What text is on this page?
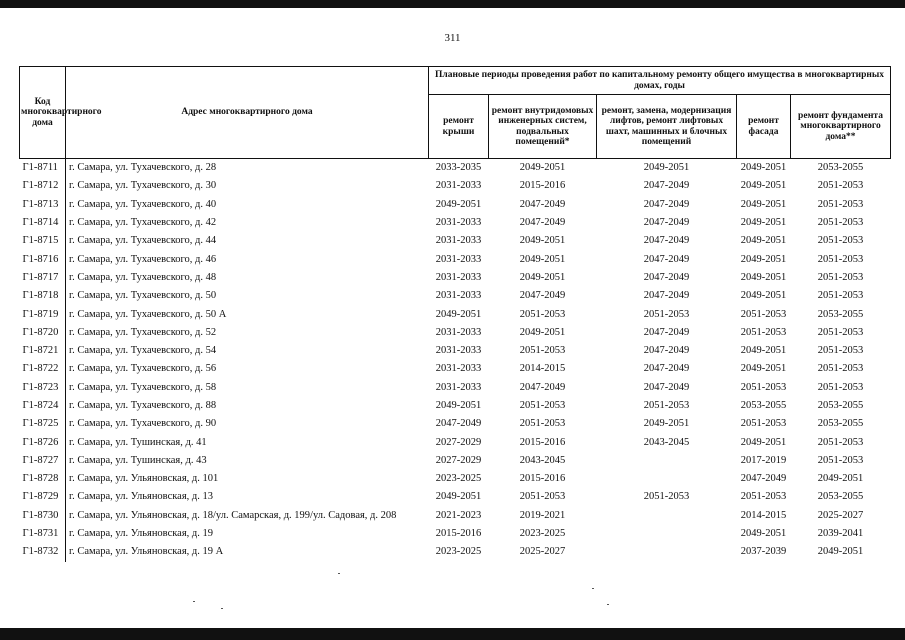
311
Код многоквартирного дома	Адрес многоквартирного дома	Плановые периоды проведения работ по капитальному ремонту общего имущества в многоквартирных домах, годы				
		ремонт крыши	ремонт внутридомовых инженерных систем, подвальных помещений*	ремонт, замена, модернизация лифтов, ремонт лифтовых шахт, машинных и блочных помещений	ремонт фасада	ремонт фундамента многоквартирного дома**
Г1-8711	г. Самара, ул. Тухачевского, д. 28	2033-2035	2049-2051	2049-2051	2049-2051	2053-2055
Г1-8712	г. Самара, ул. Тухачевского, д. 30	2031-2033	2015-2016	2047-2049	2049-2051	2051-2053
Г1-8713	г. Самара, ул. Тухачевского, д. 40	2049-2051	2047-2049	2047-2049	2049-2051	2051-2053
Г1-8714	г. Самара, ул. Тухачевского, д. 42	2031-2033	2047-2049	2047-2049	2049-2051	2051-2053
Г1-8715	г. Самара, ул. Тухачевского, д. 44	2031-2033	2049-2051	2047-2049	2049-2051	2051-2053
Г1-8716	г. Самара, ул. Тухачевского, д. 46	2031-2033	2049-2051	2047-2049	2049-2051	2051-2053
Г1-8717	г. Самара, ул. Тухачевского, д. 48	2031-2033	2049-2051	2047-2049	2049-2051	2051-2053
Г1-8718	г. Самара, ул. Тухачевского, д. 50	2031-2033	2047-2049	2047-2049	2049-2051	2051-2053
Г1-8719	г. Самара, ул. Тухачевского, д. 50 А	2049-2051	2051-2053	2051-2053	2051-2053	2053-2055
Г1-8720	г. Самара, ул. Тухачевского, д. 52	2031-2033	2049-2051	2047-2049	2051-2053	2051-2053
Г1-8721	г. Самара, ул. Тухачевского, д. 54	2031-2033	2051-2053	2047-2049	2049-2051	2051-2053
Г1-8722	г. Самара, ул. Тухачевского, д. 56	2031-2033	2014-2015	2047-2049	2049-2051	2051-2053
Г1-8723	г. Самара, ул. Тухачевского, д. 58	2031-2033	2047-2049	2047-2049	2051-2053	2051-2053
Г1-8724	г. Самара, ул. Тухачевского, д. 88	2049-2051	2051-2053	2051-2053	2053-2055	2053-2055
Г1-8725	г. Самара, ул. Тухачевского, д. 90	2047-2049	2051-2053	2049-2051	2051-2053	2053-2055
Г1-8726	г. Самара, ул. Тушинская, д. 41	2027-2029	2015-2016	2043-2045	2049-2051	2051-2053
Г1-8727	г. Самара, ул. Тушинская, д. 43	2027-2029	2043-2045		2017-2019	2051-2053
Г1-8728	г. Самара, ул. Ульяновская, д. 101	2023-2025	2015-2016		2047-2049	2049-2051
Г1-8729	г. Самара, ул. Ульяновская, д. 13	2049-2051	2051-2053	2051-2053	2051-2053	2053-2055
Г1-8730	г. Самара, ул. Ульяновская, д. 18/ул. Самарская, д. 199/ул. Садовая, д. 208	2021-2023	2019-2021		2014-2015	2025-2027
Г1-8731	г. Самара, ул. Ульяновская, д. 19	2015-2016	2023-2025		2049-2051	2039-2041
Г1-8732	г. Самара, ул. Ульяновская, д. 19 А	2023-2025	2025-2027		2037-2039	2049-2051
